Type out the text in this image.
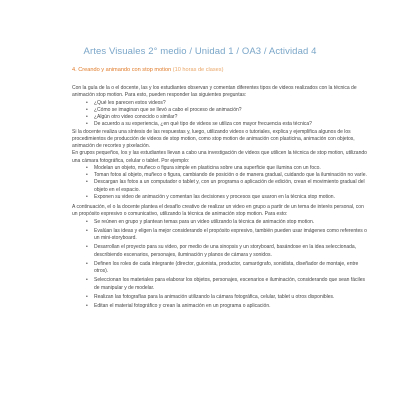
Artes Visuales 2° medio / Unidad 1 / OA3 / Actividad 4
4. Creando y animando con stop motion (10 horas de clases)

Con la guía de la o el docente, las y los estudiantes observan y comentan diferentes tipos de videos realizados con la técnica de animación stop motion. Para esto, pueden responder las siguientes preguntas:

• ¿Qué les parecen estos videos?
• ¿Cómo se imaginan que se llevó a cabo el proceso de animación?
• ¿Algún otro video conocido o similar?
• De acuerdo a su experiencia, ¿en qué tipo de videos se utiliza con mayor frecuencia esta técnica?

Si la docente realiza una síntesis de las respuestas y, luego, utilizando videos o tutoriales, explica y ejemplifica algunos de los procedimientos de producción de videos de stop motion, como stop motion de animación con plasticina, animación con objetos, animación de recortes y pixelación.

En grupos pequeños, los y las estudiantes llevan a cabo una investigación de videos que utilicen la técnica de stop motion, utilizando una cámara fotográfica, celular o tablet. Por ejemplo:

• Modelan un objeto, muñeco o figura simple en plasticina sobre una superficie que ilumina con un foco.
• Toman fotos al objeto, muñeco o figura, cambiando de posición o de manera gradual, cuidando que la iluminación no varíe.
• Descargan las fotos a un computador o tablet y, con un programa o aplicación de edición, crean el movimiento gradual del objeto en el espacio.
• Exponen su video de animación y comentan las decisiones y procesos que usaron en la técnica stop motion.

A continuación, el o la docente plantea el desafío creativo de realizar un video en grupo a partir de un tema de interés personal, con un propósito expresivo o comunicativo, utilizando la técnica de animación stop motion. Para esto:

• Se reúnen en grupo y plantean temas para un video utilizando la técnica de animación stop motion.
• Evalúan las ideas y eligen la mejor considerando el propósito expresivo, también pueden usar imágenes como referentes o un mini-storyboard.
• Desarrollan el proyecto para su video, por medio de una sinopsis y un storyboard, basándose en la idea seleccionada, describiendo escenarios, personajes, iluminación y planos de cámara y sonidos.
• Definen los roles de cada integrante (director, guionista, productor, camarógrafo, sonidista, diseñador de montaje, entre otros).
• Seleccionan los materiales para elaborar los objetos, personajes, escenarios e iluminación, considerando que sean fáciles de manipular y de modelar.
• Realizan las fotografías para la animación utilizando la cámara fotográfica, celular, tablet u otros disponibles.
• Editan el material fotográfico y crean la animación en un programa o aplicación.
